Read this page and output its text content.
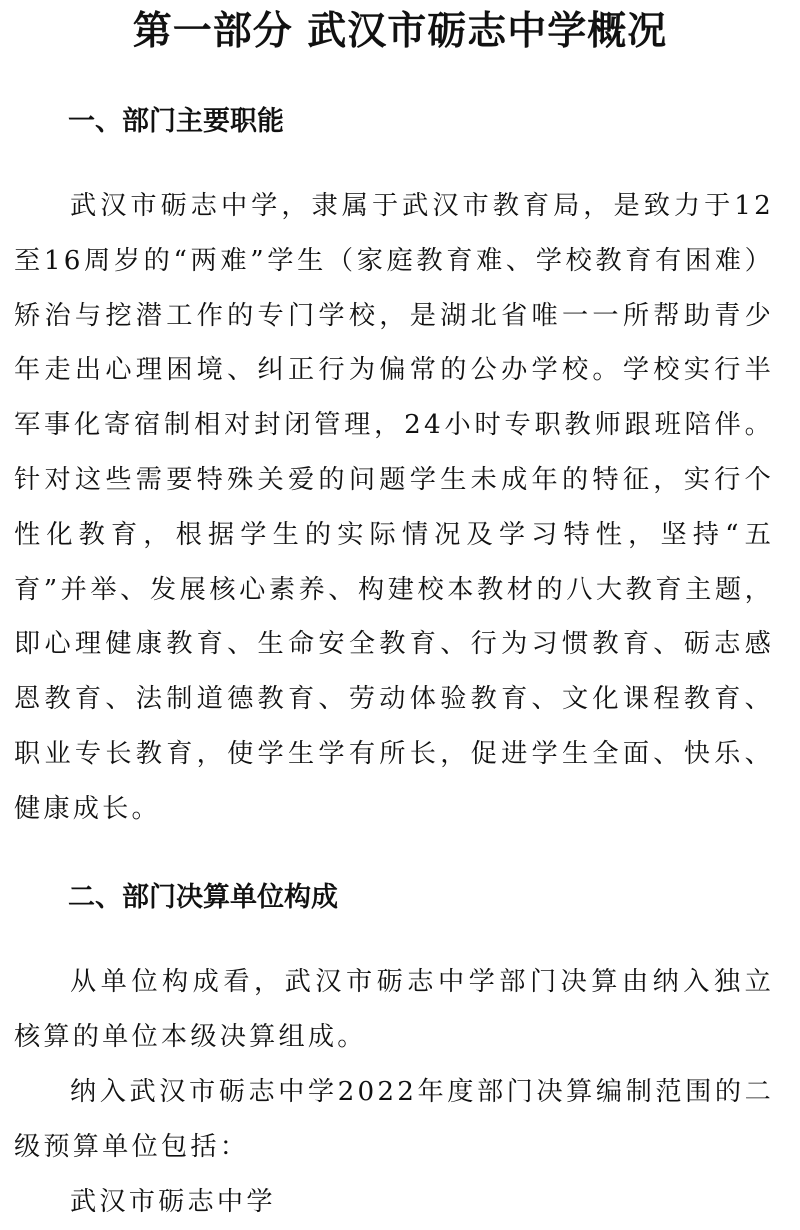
第一部分 武汉市砺志中学概况
一、部门主要职能

武汉市砺志中学，隶属于武汉市教育局，是致力于12至16周岁的“两难”学生（家庭教育难、学校教育有困难）矫治与挖潜工作的专门学校，是湖北省唯一一所帮助青少年走出心理困境、纠正行为偏常的公办学校。学校实行半军事化寄宿制相对封闭管理，24小时专职教师跟班陪伴。针对这些需要特殊关爱的问题学生未成年的特征，实行个性化教育，根据学生的实际情况及学习特性，坚持“五育”并举、发展核心素养、构建校本教材的八大教育主题，即心理健康教育、生命安全教育、行为习惯教育、砺志感恩教育、法制道德教育、劳动体验教育、文化课程教育、职业专长教育，使学生学有所长，促进学生全面、快乐、健康成长。

二、部门决算单位构成

从单位构成看，武汉市砺志中学部门决算由纳入独立核算的单位本级决算组成。

纳入武汉市砺志中学2022年度部门决算编制范围的二级预算单位包括：

武汉市砺志中学
